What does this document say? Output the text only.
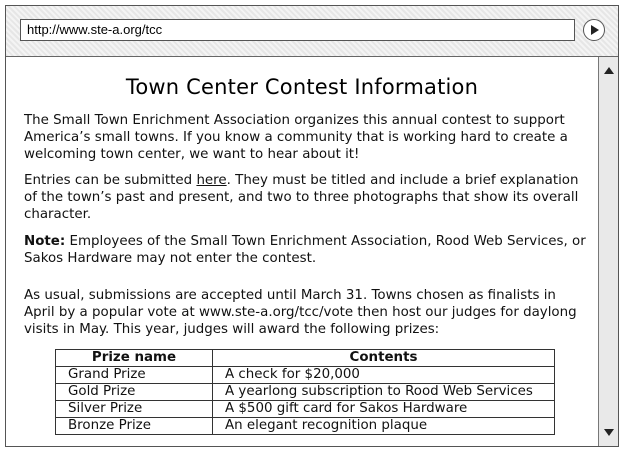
http://www.ste-a.org/tcc
Town Center Contest Information
The Small Town Enrichment Association organizes this annual contest to support America’s small towns. If you know a community that is working hard to create a welcoming town center, we want to hear about it!
Entries can be submitted here. They must be titled and include a brief explanation of the town’s past and present, and two to three photographs that show its overall character.
Note: Employees of the Small Town Enrichment Association, Rood Web Services, or Sakos Hardware may not enter the contest.
As usual, submissions are accepted until March 31. Towns chosen as finalists in April by a popular vote at www.ste-a.org/tcc/vote then host our judges for daylong visits in May. This year, judges will award the following prizes:
Prize name	Contents
Grand Prize	A check for $20,000
Gold Prize	A yearlong subscription to Rood Web Services
Silver Prize	A $500 gift card for Sakos Hardware
Bronze Prize	An elegant recognition plaque
